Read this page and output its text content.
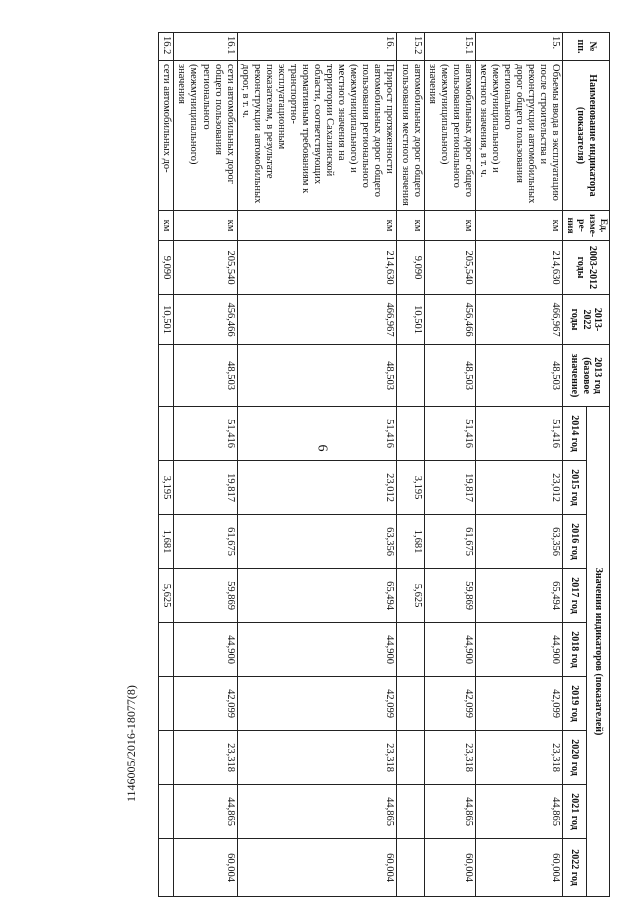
6
№ пп.	Наименование индикатора (показателя)	Ед. изме-ре-ния	2003-2012 годы	2013-2022 годы	2013 год (базовое значение)	Значения индикаторов (показателей)								
						2014 год	2015 год	2016 год	2017 год	2018 год	2019 год	2020 год	2021 год	2022 год
15.	Объемы ввода в эксплуатацию после строительства и реконструкции автомобильных дорог общего пользования регионального (межмуниципального) и местного значения, в т. ч.	км	214,630	466,967	48,503	51,416	23,012	63,356	65,494	44,900	42,099	23,318	44,865	60,004
15.1	автомобильных дорог общего пользования регионального (межмуниципального) значения	км	205,540	456,466	48,503	51,416	19,817	61,675	59,869	44,900	42,099	23,318	44,865	60,004
15.2	автомобильных дорог общего пользования местного значения	км	9,090	10,501			3,195	1,681	5,625					
16.	Прирост протяженности автомобильных дорог общего пользования регионального (межмуниципального) и местного значения на территории Сахалинской области, соответствующих нормативным требованиям к транспортно-эксплуатационным показателям, в результате реконструкции автомобильных дорог, в т. ч.	км	214,630	466,967	48,503	51,416	23,012	63,356	65,494	44,900	42,099	23,318	44,865	60,004
16.1	сети автомобильных дорог общего пользования регионального (межмуниципального) значения	км	205,540	456,466	48,503	51,416	19,817	61,675	59,869	44,900	42,099	23,318	44,865	60,004
16.2	сети автомобильных до-	км	9,090	10,501			3,195	1,681	5,625					
1146005/2016-18077(8)
